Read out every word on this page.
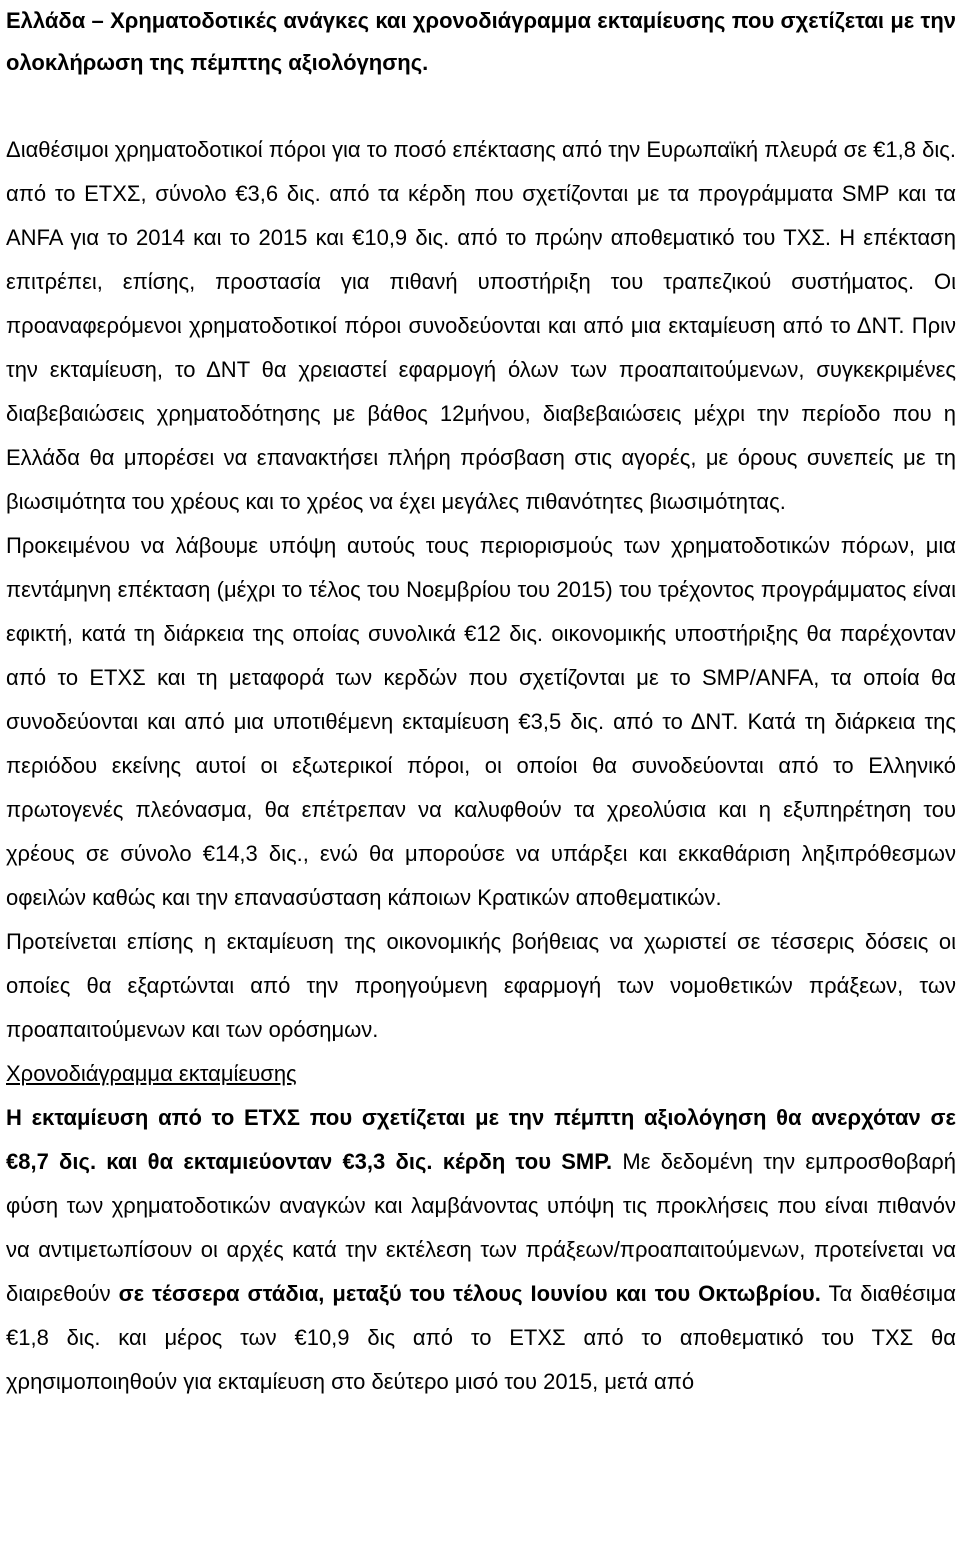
Ελλάδα – Χρηματοδοτικές ανάγκες και χρονοδιάγραμμα εκταμίευσης που σχετίζεται με την ολοκλήρωση της πέμπτης αξιολόγησης.

Διαθέσιμοι χρηματοδοτικοί πόροι για το ποσό επέκτασης από την Ευρωπαϊκή πλευρά σε €1,8 δις. από το ΕΤΧΣ, σύνολο €3,6 δις. από τα κέρδη που σχετίζονται με τα προγράμματα SMP και τα ANFA για το 2014 και το 2015 και €10,9 δις. από το πρώην αποθεματικό του ΤΧΣ. Η επέκταση επιτρέπει, επίσης, προστασία για πιθανή υποστήριξη του τραπεζικού συστήματος. Οι προαναφερόμενοι χρηματοδοτικοί πόροι συνοδεύονται και από μια εκταμίευση από το ΔΝΤ. Πριν την εκταμίευση, το ΔΝΤ θα χρειαστεί εφαρμογή όλων των προαπαιτούμενων, συγκεκριμένες διαβεβαιώσεις χρηματοδότησης με βάθος 12μήνου, διαβεβαιώσεις μέχρι την περίοδο που η Ελλάδα θα μπορέσει να επανακτήσει πλήρη πρόσβαση στις αγορές, με όρους συνεπείς με τη βιωσιμότητα του χρέους και το χρέος να έχει μεγάλες πιθανότητες βιωσιμότητας.

Προκειμένου να λάβουμε υπόψη αυτούς τους περιορισμούς των χρηματοδοτικών πόρων, μια πεντάμηνη επέκταση (μέχρι το τέλος του Νοεμβρίου του 2015) του τρέχοντος προγράμματος είναι εφικτή, κατά τη διάρκεια της οποίας συνολικά €12 δις. οικονομικής υποστήριξης θα παρέχονταν από το ΕΤΧΣ και τη μεταφορά των κερδών που σχετίζονται με το SMP/ANFA, τα οποία θα συνοδεύονται και από μια υποτιθέμενη εκταμίευση €3,5 δις. από το ΔΝΤ. Κατά τη διάρκεια της περιόδου εκείνης αυτοί οι εξωτερικοί πόροι, οι οποίοι θα συνοδεύονται από το Ελληνικό πρωτογενές πλεόνασμα, θα επέτρεπαν να καλυφθούν τα χρεολύσια και η εξυπηρέτηση του χρέους σε σύνολο €14,3 δις., ενώ θα μπορούσε να υπάρξει και εκκαθάριση ληξιπρόθεσμων οφειλών καθώς και την επανασύσταση κάποιων Κρατικών αποθεματικών.

Προτείνεται επίσης η εκταμίευση της οικονομικής βοήθειας να χωριστεί σε τέσσερις δόσεις οι οποίες θα εξαρτώνται από την προηγούμενη εφαρμογή των νομοθετικών πράξεων, των προαπαιτούμενων και των ορόσημων.

Χρονοδιάγραμμα εκταμίευσης

Η εκταμίευση από το ΕΤΧΣ που σχετίζεται με την πέμπτη αξιολόγηση θα ανερχόταν σε €8,7 δις. και θα εκταμιεύονταν €3,3 δις. κέρδη του SMP. Με δεδομένη την εμπροσθοβαρή φύση των χρηματοδοτικών αναγκών και λαμβάνοντας υπόψη τις προκλήσεις που είναι πιθανόν να αντιμετωπίσουν οι αρχές κατά την εκτέλεση των πράξεων/προαπαιτούμενων, προτείνεται να διαιρεθούν σε τέσσερα στάδια, μεταξύ του τέλους Ιουνίου και του Οκτωβρίου. Τα διαθέσιμα €1,8 δις. και μέρος των €10,9 δις από το ΕΤΧΣ από το αποθεματικό του ΤΧΣ θα χρησιμοποιηθούν για εκταμίευση στο δεύτερο μισό του 2015, μετά από
